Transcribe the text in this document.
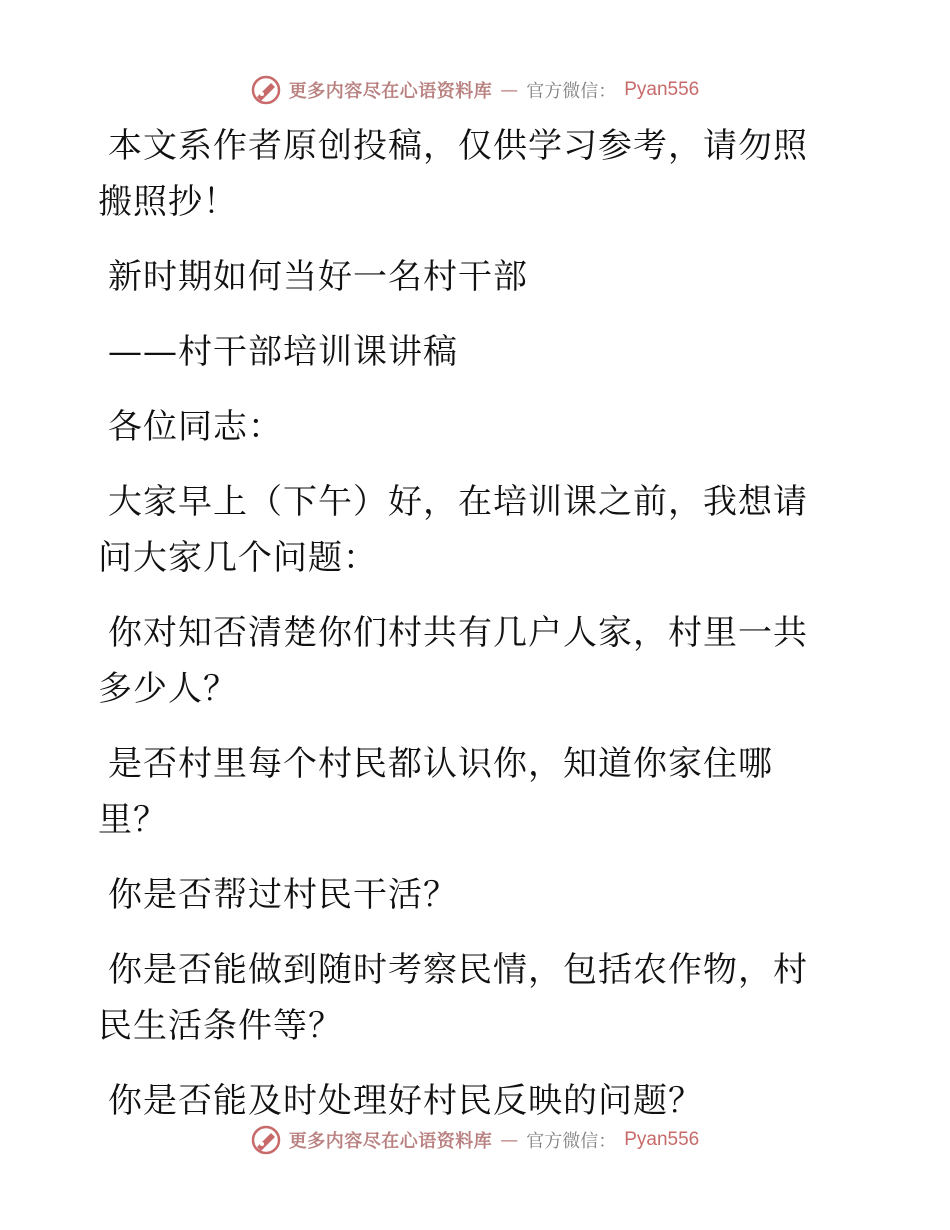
更多内容尽在心语资料库 — 官方微信： Pyan556

本文系作者原创投稿，仅供学习参考，请勿照搬照抄！

新时期如何当好一名村干部

——村干部培训课讲稿

各位同志：

大家早上（下午）好，在培训课之前，我想请问大家几个问题：

你对知否清楚你们村共有几户人家，村里一共多少人？

是否村里每个村民都认识你，知道你家住哪里？

你是否帮过村民干活？

你是否能做到随时考察民情，包括农作物，村民生活条件等？

你是否能及时处理好村民反映的问题？

更多内容尽在心语资料库 — 官方微信： Pyan556
